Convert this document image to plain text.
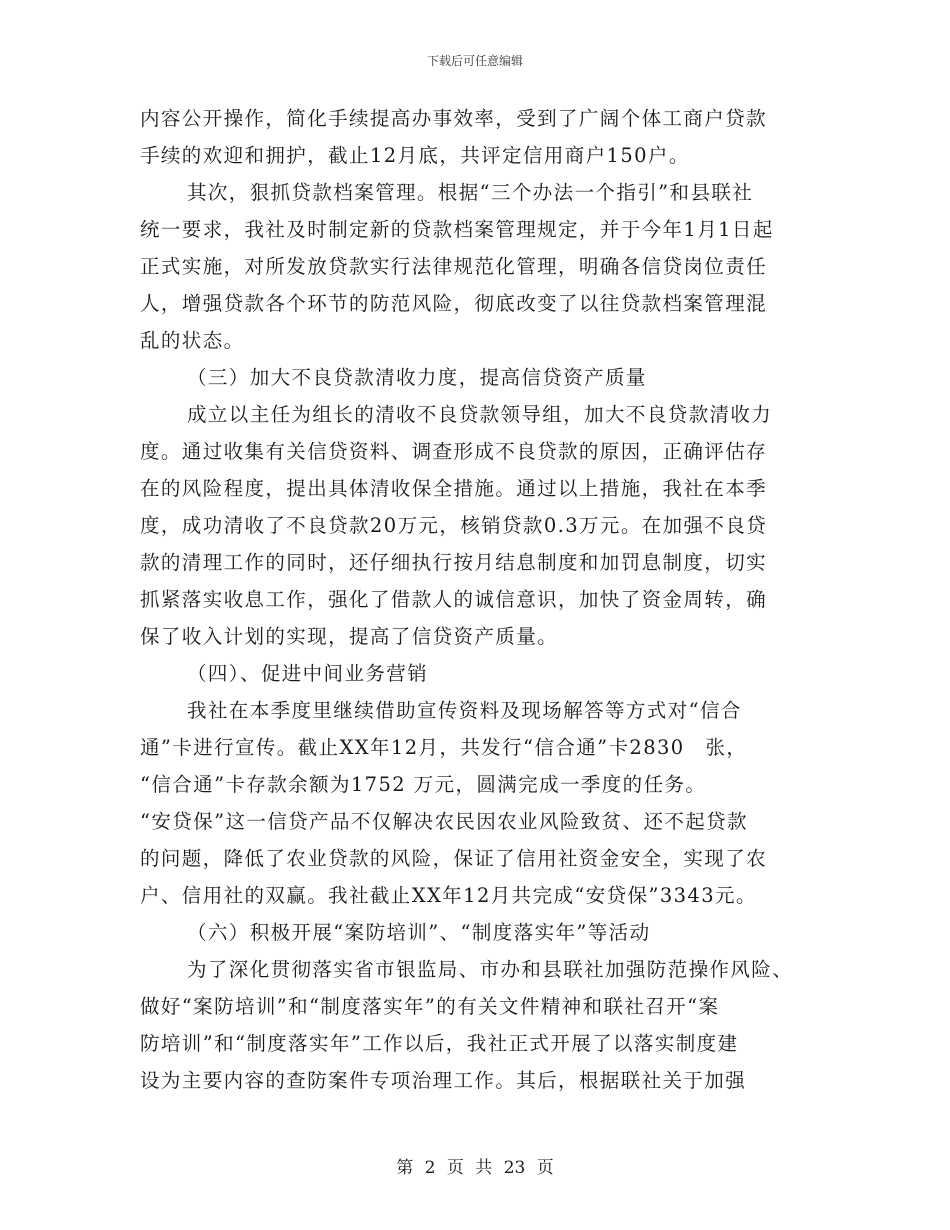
下载后可任意编辑
内容公开操作，简化手续提高办事效率，受到了广阔个体工商户贷款
手续的欢迎和拥护，截止12月底，共评定信用商户150户。
其次，狠抓贷款档案管理。根据“三个办法一个指引”和县联社
统一要求，我社及时制定新的贷款档案管理规定，并于今年1月1日起
正式实施，对所发放贷款实行法律规范化管理，明确各信贷岗位责任
人，增强贷款各个环节的防范风险，彻底改变了以往贷款档案管理混
乱的状态。
（三）加大不良贷款清收力度，提高信贷资产质量
成立以主任为组长的清收不良贷款领导组，加大不良贷款清收力
度。通过收集有关信贷资料、调查形成不良贷款的原因，正确评估存
在的风险程度，提出具体清收保全措施。通过以上措施，我社在本季
度，成功清收了不良贷款20万元，核销贷款0.3万元。在加强不良贷
款的清理工作的同时，还仔细执行按月结息制度和加罚息制度，切实
抓紧落实收息工作，强化了借款人的诚信意识，加快了资金周转，确
保了收入计划的实现，提高了信贷资产质量。
（四）、促进中间业务营销
我社在本季度里继续借助宣传资料及现场解答等方式对“信合
通”卡进行宣传。截止XX年12月，共发行“信合通”卡2830　张，
“信合通”卡存款余额为1752 万元，圆满完成一季度的任务。
“安贷保”这一信贷产品不仅解决农民因农业风险致贫、还不起贷款
的问题，降低了农业贷款的风险，保证了信用社资金安全，实现了农
户、信用社的双赢。我社截止XX年12月共完成“安贷保”3343元。
（六）积极开展“案防培训”、“制度落实年”等活动
为了深化贯彻落实省市银监局、市办和县联社加强防范操作风险、
做好“案防培训”和“制度落实年”的有关文件精神和联社召开“案
防培训”和“制度落实年”工作以后，我社正式开展了以落实制度建
设为主要内容的查防案件专项治理工作。其后，根据联社关于加强
第 2 页 共 23 页
